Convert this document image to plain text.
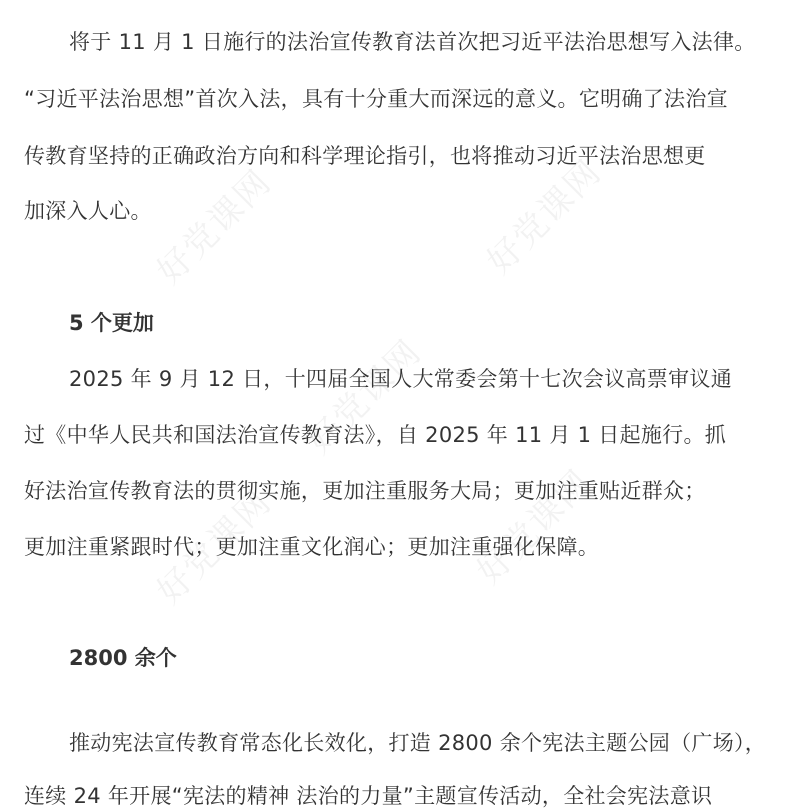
好党课网	好党课网
好党课网
好党课网	好党课网
将于 11 月 1 日施行的法治宣传教育法首次把习近平法治思想写入法律。
“习近平法治思想”首次入法，具有十分重大而深远的意义。它明确了法治宣
传教育坚持的正确政治方向和科学理论指引，也将推动习近平法治思想更
加深入人心。
5 个更加
2025 年 9 月 12 日，十四届全国人大常委会第十七次会议高票审议通
过《中华人民共和国法治宣传教育法》，自 2025 年 11 月 1 日起施行。抓
好法治宣传教育法的贯彻实施，更加注重服务大局；更加注重贴近群众；
更加注重紧跟时代；更加注重文化润心；更加注重强化保障。
2800 余个
推动宪法宣传教育常态化长效化，打造 2800 余个宪法主题公园（广场），
连续 24 年开展“宪法的精神 法治的力量”主题宣传活动，全社会宪法意识
